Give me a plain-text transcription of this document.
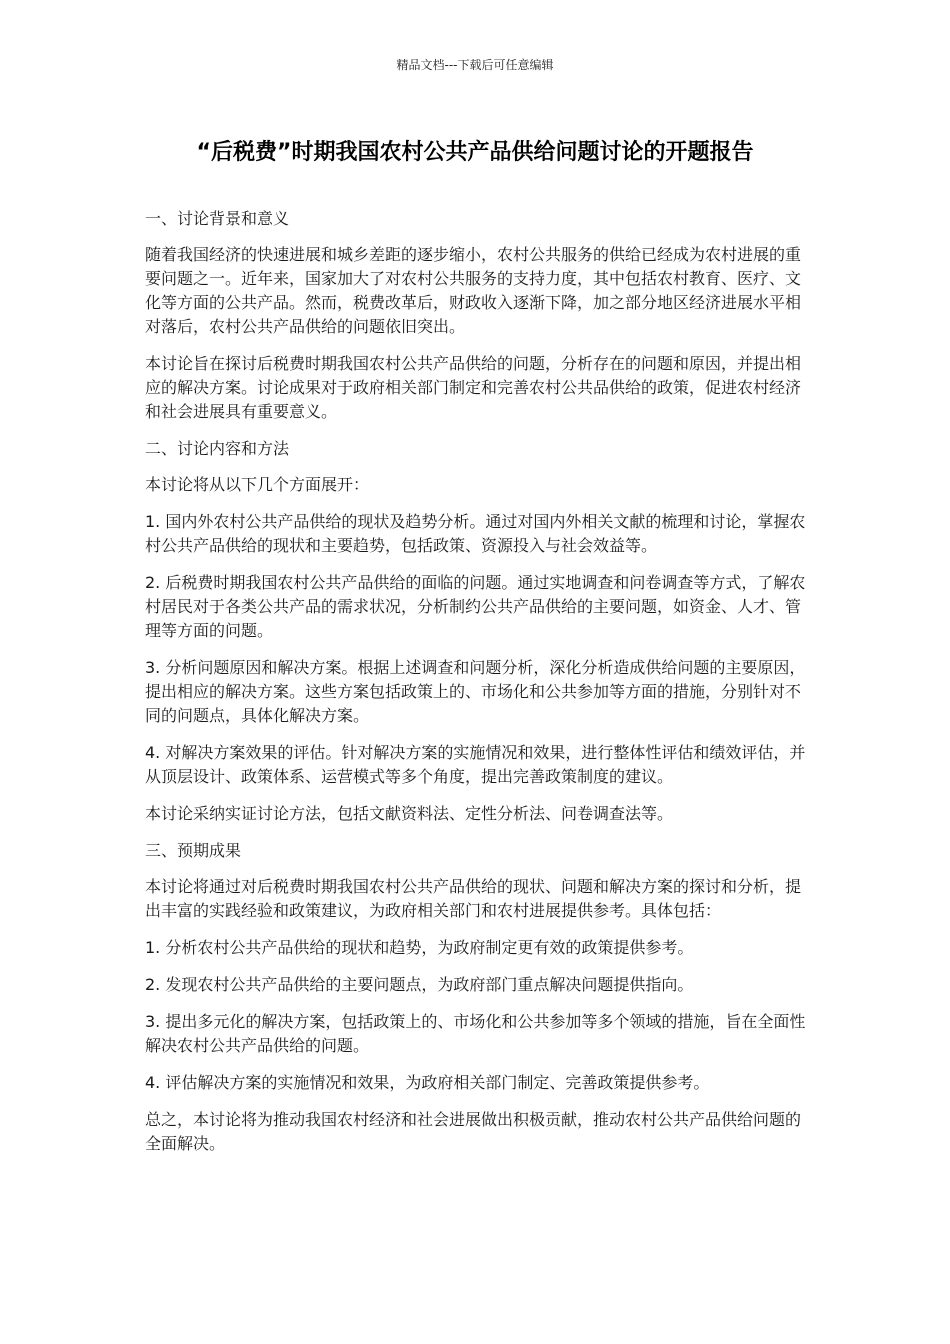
精品文档---下载后可任意编辑
“后税费”时期我国农村公共产品供给问题讨论的开题报告

一、讨论背景和意义

随着我国经济的快速进展和城乡差距的逐步缩小，农村公共服务的供给已经成为农村进展的重要问题之一。近年来，国家加大了对农村公共服务的支持力度，其中包括农村教育、医疗、文化等方面的公共产品。然而，税费改革后，财政收入逐渐下降，加之部分地区经济进展水平相对落后，农村公共产品供给的问题依旧突出。

本讨论旨在探讨后税费时期我国农村公共产品供给的问题，分析存在的问题和原因，并提出相应的解决方案。讨论成果对于政府相关部门制定和完善农村公共品供给的政策，促进农村经济和社会进展具有重要意义。

二、讨论内容和方法

本讨论将从以下几个方面展开：

1. 国内外农村公共产品供给的现状及趋势分析。通过对国内外相关文献的梳理和讨论，掌握农村公共产品供给的现状和主要趋势，包括政策、资源投入与社会效益等。

2. 后税费时期我国农村公共产品供给的面临的问题。通过实地调查和问卷调查等方式，了解农村居民对于各类公共产品的需求状况，分析制约公共产品供给的主要问题，如资金、人才、管理等方面的问题。

3. 分析问题原因和解决方案。根据上述调查和问题分析，深化分析造成供给问题的主要原因，提出相应的解决方案。这些方案包括政策上的、市场化和公共参加等方面的措施，分别针对不同的问题点，具体化解决方案。

4. 对解决方案效果的评估。针对解决方案的实施情况和效果，进行整体性评估和绩效评估，并从顶层设计、政策体系、运营模式等多个角度，提出完善政策制度的建议。

本讨论采纳实证讨论方法，包括文献资料法、定性分析法、问卷调查法等。

三、预期成果

本讨论将通过对后税费时期我国农村公共产品供给的现状、问题和解决方案的探讨和分析，提出丰富的实践经验和政策建议，为政府相关部门和农村进展提供参考。具体包括：

1. 分析农村公共产品供给的现状和趋势，为政府制定更有效的政策提供参考。

2. 发现农村公共产品供给的主要问题点，为政府部门重点解决问题提供指向。

3. 提出多元化的解决方案，包括政策上的、市场化和公共参加等多个领域的措施，旨在全面性解决农村公共产品供给的问题。

4. 评估解决方案的实施情况和效果，为政府相关部门制定、完善政策提供参考。

总之，本讨论将为推动我国农村经济和社会进展做出积极贡献，推动农村公共产品供给问题的全面解决。
